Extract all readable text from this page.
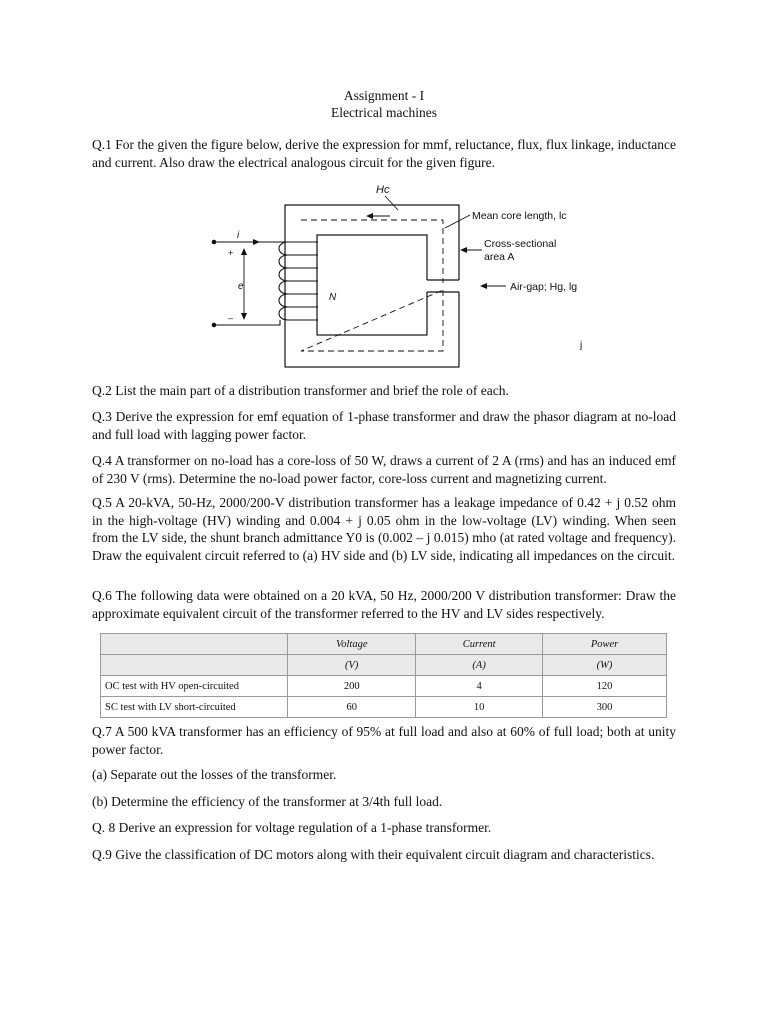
Assignment - I
Electrical machines

Q.1 For the given the figure below, derive the expression for mmf, reluctance, flux, flux linkage, inductance and current. Also draw the electrical analogous circuit for the given figure.

i
+
e
–
N
Hc
Mean core length, lc
Cross-sectional
area A
Air-gap; Hg, lg
j

Q.2 List the main part of a distribution transformer and brief the role of each.

Q.3 Derive the expression for emf equation of 1-phase transformer and draw the phasor diagram at no-load and full load with lagging power factor.

Q.4 A transformer on no-load has a core-loss of 50 W, draws a current of 2 A (rms) and has an induced emf of 230 V (rms). Determine the no-load power factor, core-loss current and magnetizing current.

Q.5 A 20-kVA, 50-Hz, 2000/200-V distribution transformer has a leakage impedance of 0.42 + j 0.52 ohm in the high-voltage (HV) winding and 0.004 + j 0.05 ohm in the low-voltage (LV) winding. When seen from the LV side, the shunt branch admittance Y0 is (0.002 – j 0.015) mho (at rated voltage and frequency). Draw the equivalent circuit referred to (a) HV side and (b) LV side, indicating all impedances on the circuit.

Q.6 The following data were obtained on a 20 kVA, 50 Hz, 2000/200 V distribution transformer: Draw the approximate equivalent circuit of the transformer referred to the HV and LV sides respectively.

	Voltage	Current	Power
	(V)	(A)	(W)
OC test with HV open-circuited	200	4	120
SC test with LV short-circuited	60	10	300

Q.7 A 500 kVA transformer has an efficiency of 95% at full load and also at 60% of full load; both at unity power factor.

(a) Separate out the losses of the transformer.

(b) Determine the efficiency of the transformer at 3/4th full load.

Q. 8 Derive an expression for voltage regulation of a 1-phase transformer.

Q.9 Give the classification of DC motors along with their equivalent circuit diagram and characteristics.
